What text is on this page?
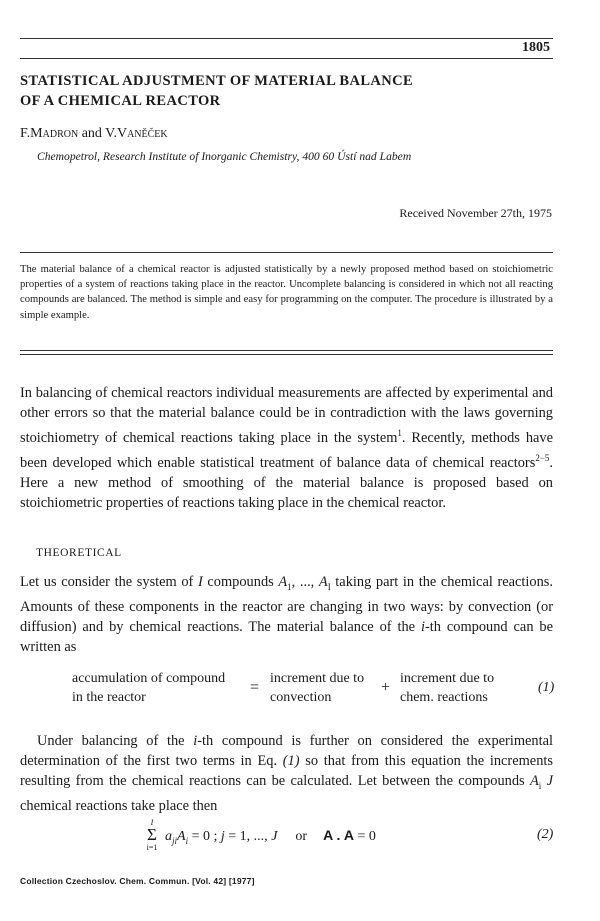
1805
STATISTICAL ADJUSTMENT OF MATERIAL BALANCE
OF A CHEMICAL REACTOR
F.Madron and V.Vaněček
Chemopetrol, Research Institute of Inorganic Chemistry, 400 60 Ústí nad Labem
Received November 27th, 1975
The material balance of a chemical reactor is adjusted statistically by a newly proposed method based on stoichiometric properties of a system of reactions taking place in the reactor. Uncomplete balancing is considered in which not all reacting compounds are balanced. The method is simple and easy for programming on the computer. The procedure is illustrated by a simple example.
In balancing of chemical reactors individual measurements are affected by experimental and other errors so that the material balance could be in contradiction with the laws governing stoichiometry of chemical reactions taking place in the system$^1$. Recently, methods have been developed which enable statistical treatment of balance data of chemical reactors$^{2-5}$. Here a new method of smoothing of the material balance is proposed based on stoichiometric properties of reactions taking place in the chemical reactor.
THEORETICAL
Let us consider the system of I compounds $A_1$, ..., $A_I$ taking part in the chemical reactions. Amounts of these components in the reactor are changing in two ways: by convection (or diffusion) and by chemical reactions. The material balance of the i-th compound can be written as
accumulation of compound
in the reactor
=
increment due to
convection
+
increment due to
chem. reactions
(1)
Under balancing of the i-th compound is further on considered the experimental determination of the first two terms in Eq. (1) so that from this equation the increments resulting from the chemical reactions can be calculated. Let between the compounds $A_i$ J chemical reactions take place then
I
Σ
i=1
$a_{ji}A_i = 0$ ; j = 1, ..., J or A . A = 0	(2)
Collection Czechoslov. Chem. Commun. [Vol. 42] [1977]
